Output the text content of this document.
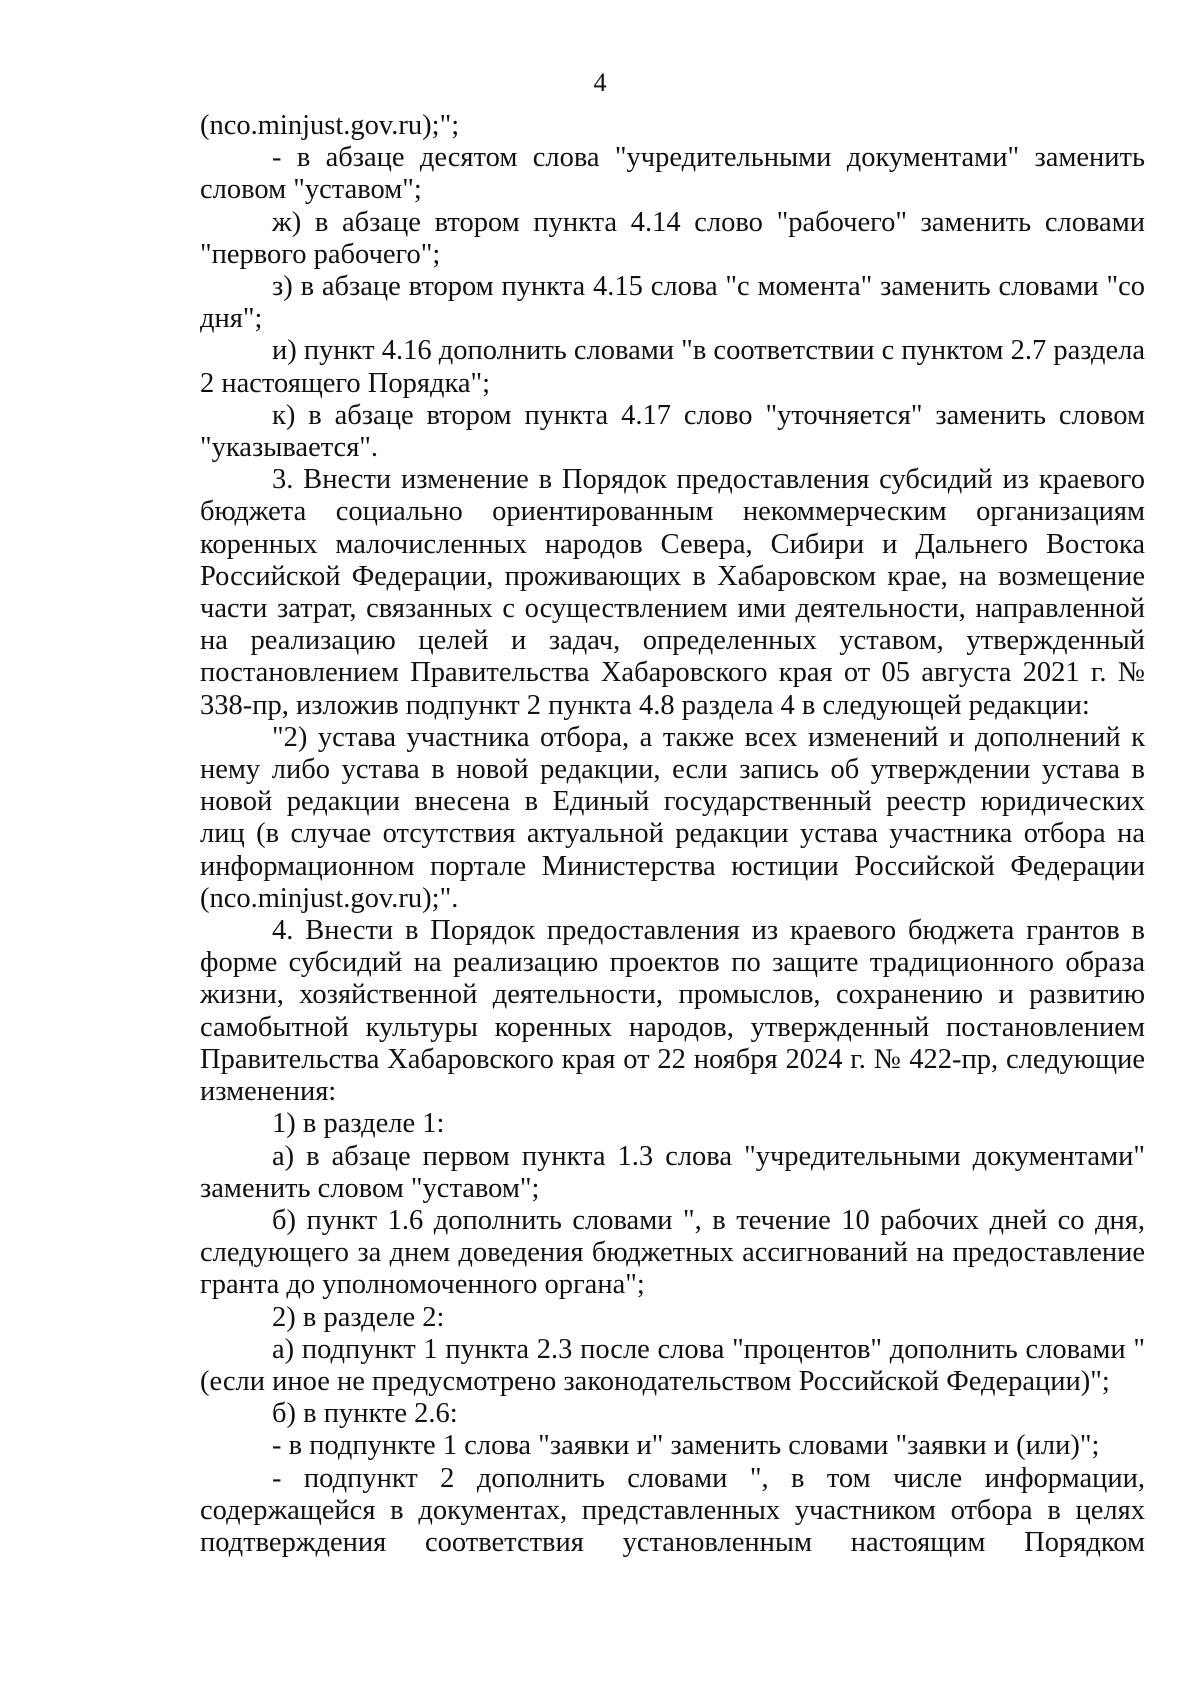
4

(nco.minjust.gov.ru);";

- в абзаце десятом слова "учредительными документами" заменить словом "уставом";

ж) в абзаце втором пункта 4.14 слово "рабочего" заменить словами "первого рабочего";

з) в абзаце втором пункта 4.15 слова "с момента" заменить словами "со дня";

и) пункт 4.16 дополнить словами "в соответствии с пунктом 2.7 раздела 2 настоящего Порядка";

к) в абзаце втором пункта 4.17 слово "уточняется" заменить словом "указывается".

3. Внести изменение в Порядок предоставления субсидий из краевого бюджета социально ориентированным некоммерческим организациям коренных малочисленных народов Севера, Сибири и Дальнего Востока Российской Федерации, проживающих в Хабаровском крае, на возмещение части затрат, связанных с осуществлением ими деятельности, направленной на реализацию целей и задач, определенных уставом, утвержденный постановлением Правительства Хабаровского края от 05 августа 2021 г. № 338-пр, изложив подпункт 2 пункта 4.8 раздела 4 в следующей редакции:

"2) устава участника отбора, а также всех изменений и дополнений к нему либо устава в новой редакции, если запись об утверждении устава в новой редакции внесена в Единый государственный реестр юридических лиц (в случае отсутствия актуальной редакции устава участника отбора на информационном портале Министерства юстиции Российской Федерации (nco.minjust.gov.ru);".

4. Внести в Порядок предоставления из краевого бюджета грантов в форме субсидий на реализацию проектов по защите традиционного образа жизни, хозяйственной деятельности, промыслов, сохранению и развитию самобытной культуры коренных народов, утвержденный постановлением Правительства Хабаровского края от 22 ноября 2024 г. № 422-пр, следующие изменения:

1) в разделе 1:

а) в абзаце первом пункта 1.3 слова "учредительными документами" заменить словом "уставом";

б) пункт 1.6 дополнить словами ", в течение 10 рабочих дней со дня, следующего за днем доведения бюджетных ассигнований на предоставление гранта до уполномоченного органа";

2) в разделе 2:

а) подпункт 1 пункта 2.3 после слова "процентов" дополнить словами "(если иное не предусмотрено законодательством Российской Федерации)";

б) в пункте 2.6:

- в подпункте 1 слова "заявки и" заменить словами "заявки и (или)";

- подпункт 2 дополнить словами ", в том числе информации, содержащейся в документах, представленных участником отбора в целях подтверждения соответствия установленным настоящим Порядком
